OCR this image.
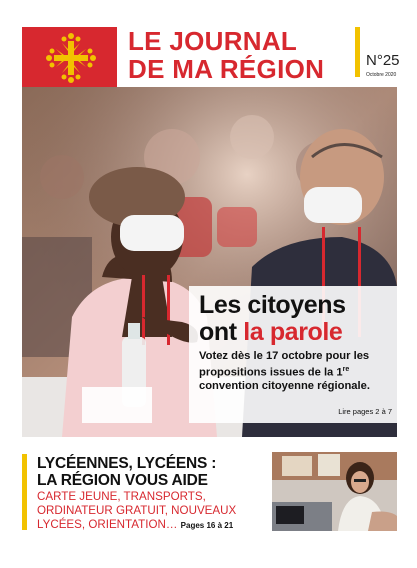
LE JOURNAL
DE MA RÉGION	N°25
Octobre 2020
Les citoyens
ont la parole
Votez dès le 17 octobre pour les propositions issues de la 1re convention citoyenne régionale.
Lire pages 2 à 7
LYCÉENNES, LYCÉENS :
LA RÉGION VOUS AIDE
CARTE JEUNE, TRANSPORTS, ORDINATEUR GRATUIT, NOUVEAUX LYCÉES, ORIENTATION… Pages 16 à 21
